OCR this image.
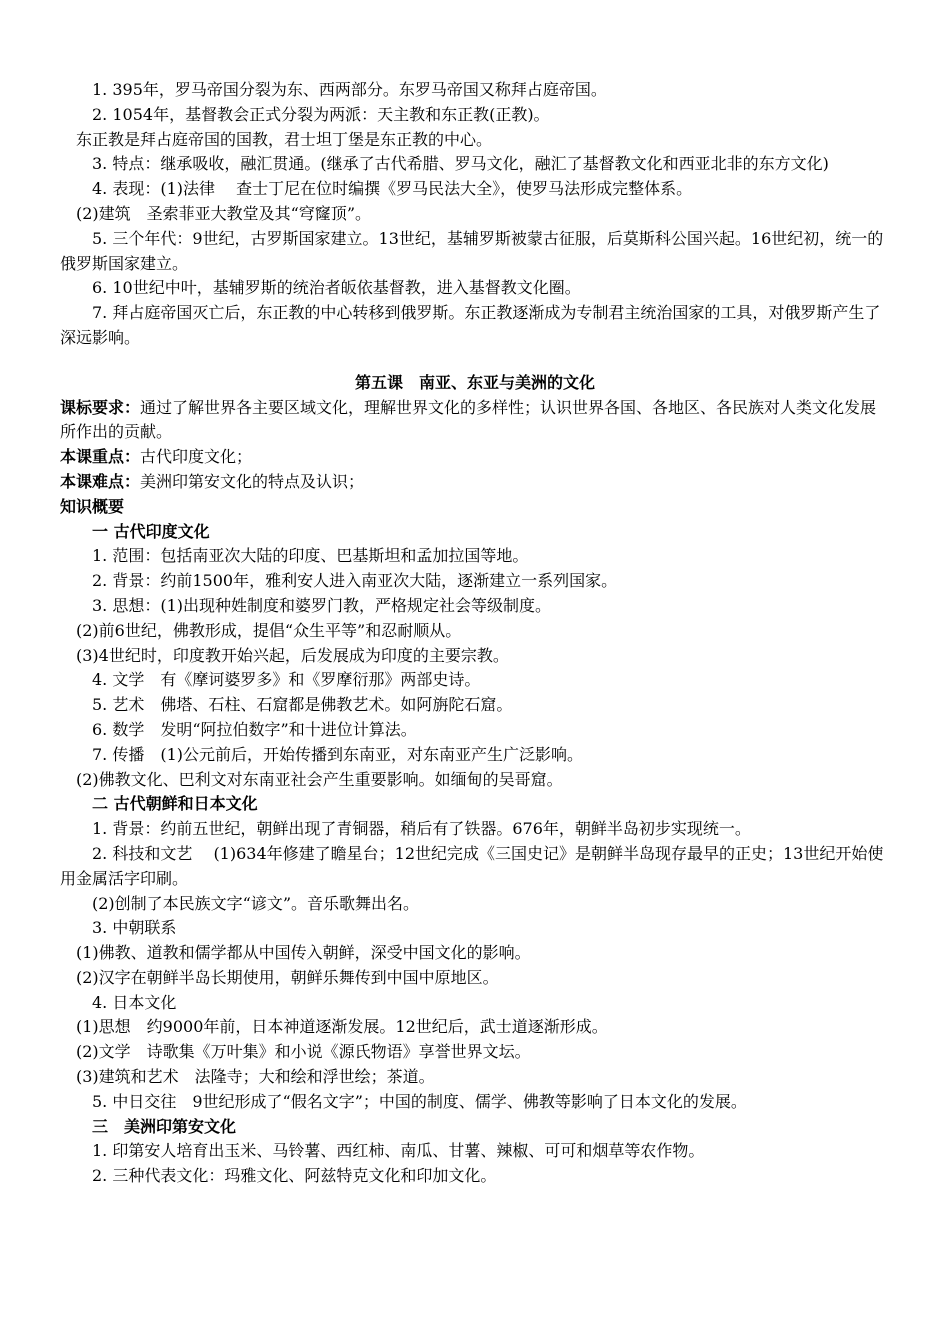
1. 395年，罗马帝国分裂为东、西两部分。东罗马帝国又称拜占庭帝国。
2. 1054年，基督教会正式分裂为两派：天主教和东正教(正教)。
东正教是拜占庭帝国的国教，君士坦丁堡是东正教的中心。
3. 特点：继承吸收，融汇贯通。(继承了古代希腊、罗马文化，融汇了基督教文化和西亚北非的东方文化)
4. 表现：(1)法律　 查士丁尼在位时编撰《罗马民法大全》，使罗马法形成完整体系。
(2)建筑　圣索菲亚大教堂及其“穹窿顶”。
5. 三个年代：9世纪，古罗斯国家建立。13世纪，基辅罗斯被蒙古征服，后莫斯科公国兴起。16世纪初，统一的俄罗斯国家建立。
6. 10世纪中叶，基辅罗斯的统治者皈依基督教，进入基督教文化圈。
7. 拜占庭帝国灭亡后，东正教的中心转移到俄罗斯。东正教逐渐成为专制君主统治国家的工具，对俄罗斯产生了深远影响。
第五课　南亚、东亚与美洲的文化
课标要求：通过了解世界各主要区域文化，理解世界文化的多样性；认识世界各国、各地区、各民族对人类文化发展所作出的贡献。
本课重点：古代印度文化；
本课难点：美洲印第安文化的特点及认识；
知识概要
一 古代印度文化
1. 范围：包括南亚次大陆的印度、巴基斯坦和孟加拉国等地。
2. 背景：约前1500年，雅利安人进入南亚次大陆，逐渐建立一系列国家。
3. 思想：(1)出现种姓制度和婆罗门教，严格规定社会等级制度。
(2)前6世纪，佛教形成，提倡“众生平等”和忍耐顺从。
(3)4世纪时，印度教开始兴起，后发展成为印度的主要宗教。
4. 文学　有《摩诃婆罗多》和《罗摩衍那》两部史诗。
5. 艺术　佛塔、石柱、石窟都是佛教艺术。如阿旃陀石窟。
6. 数学　发明“阿拉伯数字”和十进位计算法。
7. 传播　(1)公元前后，开始传播到东南亚，对东南亚产生广泛影响。
(2)佛教文化、巴利文对东南亚社会产生重要影响。如缅甸的吴哥窟。
二 古代朝鲜和日本文化
1. 背景：约前五世纪，朝鲜出现了青铜器，稍后有了铁器。676年，朝鲜半岛初步实现统一。
2. 科技和文艺　 (1)634年修建了瞻星台；12世纪完成《三国史记》是朝鲜半岛现存最早的正史；13世纪开始使用金属活字印刷。
(2)创制了本民族文字“谚文”。音乐歌舞出名。
3. 中朝联系
(1)佛教、道教和儒学都从中国传入朝鲜，深受中国文化的影响。
(2)汉字在朝鲜半岛长期使用，朝鲜乐舞传到中国中原地区。
4. 日本文化
(1)思想　约9000年前，日本神道逐渐发展。12世纪后，武士道逐渐形成。
(2)文学　诗歌集《万叶集》和小说《源氏物语》享誉世界文坛。
(3)建筑和艺术　法隆寺；大和绘和浮世绘；茶道。
5. 中日交往　9世纪形成了“假名文字”；中国的制度、儒学、佛教等影响了日本文化的发展。
三　美洲印第安文化
1. 印第安人培育出玉米、马铃薯、西红柿、南瓜、甘薯、辣椒、可可和烟草等农作物。
2. 三种代表文化：玛雅文化、阿兹特克文化和印加文化。
